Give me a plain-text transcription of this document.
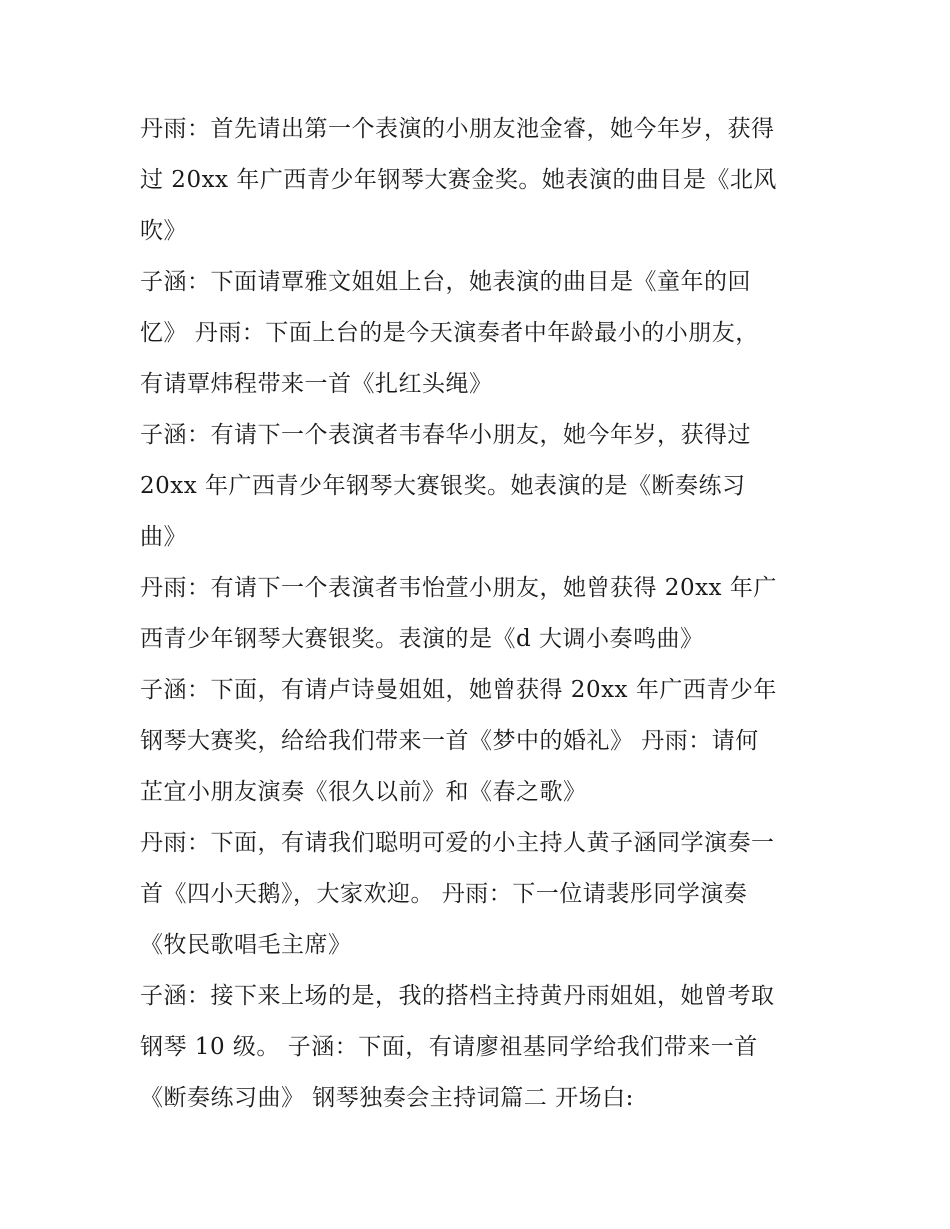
丹雨：首先请出第一个表演的小朋友池金睿，她今年岁，获得
过 20xx 年广西青少年钢琴大赛金奖。她表演的曲目是《北风
吹》
子涵：下面请覃雅文姐姐上台，她表演的曲目是《童年的回
忆》 丹雨：下面上台的是今天演奏者中年龄最小的小朋友，
有请覃炜程带来一首《扎红头绳》
子涵：有请下一个表演者韦春华小朋友，她今年岁，获得过
20xx 年广西青少年钢琴大赛银奖。她表演的是《断奏练习
曲》
丹雨：有请下一个表演者韦怡萱小朋友，她曾获得 20xx 年广
西青少年钢琴大赛银奖。表演的是《d 大调小奏鸣曲》
子涵：下面，有请卢诗曼姐姐，她曾获得 20xx 年广西青少年
钢琴大赛奖，给给我们带来一首《梦中的婚礼》 丹雨：请何
芷宜小朋友演奏《很久以前》和《春之歌》
丹雨：下面，有请我们聪明可爱的小主持人黄子涵同学演奏一
首《四小天鹅》，大家欢迎。 丹雨：下一位请裴彤同学演奏
《牧民歌唱毛主席》
子涵：接下来上场的是，我的搭档主持黄丹雨姐姐，她曾考取
钢琴 10 级。 子涵：下面，有请廖祖基同学给我们带来一首
《断奏练习曲》 钢琴独奏会主持词篇二 开场白:
